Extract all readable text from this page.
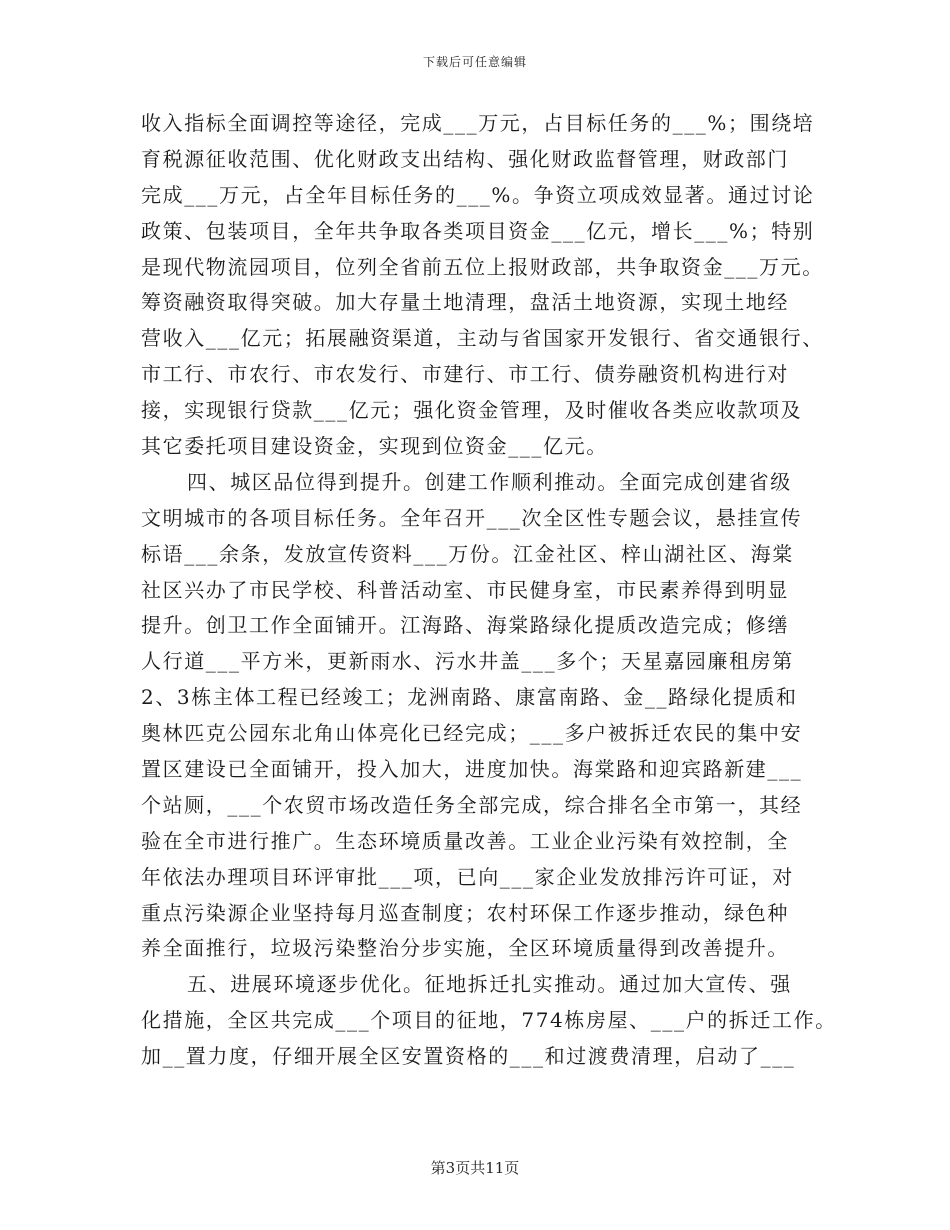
下载后可任意编辑
收入指标全面调控等途径，完成___万元，占目标任务的___%；围绕培
育税源征收范围、优化财政支出结构、强化财政监督管理，财政部门
完成___万元，占全年目标任务的___%。争资立项成效显著。通过讨论
政策、包装项目，全年共争取各类项目资金___亿元，增长___%；特别
是现代物流园项目，位列全省前五位上报财政部，共争取资金___万元。
筹资融资取得突破。加大存量土地清理，盘活土地资源，实现土地经
营收入___亿元；拓展融资渠道，主动与省国家开发银行、省交通银行、
市工行、市农行、市农发行、市建行、市工行、债券融资机构进行对
接，实现银行贷款___亿元；强化资金管理，及时催收各类应收款项及
其它委托项目建设资金，实现到位资金___亿元。
四、城区品位得到提升。创建工作顺利推动。全面完成创建省级
文明城市的各项目标任务。全年召开___次全区性专题会议，悬挂宣传
标语___余条，发放宣传资料___万份。江金社区、梓山湖社区、海棠
社区兴办了市民学校、科普活动室、市民健身室，市民素养得到明显
提升。创卫工作全面铺开。江海路、海棠路绿化提质改造完成；修缮
人行道___平方米，更新雨水、污水井盖___多个；天星嘉园廉租房第
2、3栋主体工程已经竣工；龙洲南路、康富南路、金__路绿化提质和
奥林匹克公园东北角山体亮化已经完成；___多户被拆迁农民的集中安
置区建设已全面铺开，投入加大，进度加快。海棠路和迎宾路新建___
个站厕，___个农贸市场改造任务全部完成，综合排名全市第一，其经
验在全市进行推广。生态环境质量改善。工业企业污染有效控制，全
年依法办理项目环评审批___项，已向___家企业发放排污许可证，对
重点污染源企业坚持每月巡查制度；农村环保工作逐步推动，绿色种
养全面推行，垃圾污染整治分步实施，全区环境质量得到改善提升。
五、进展环境逐步优化。征地拆迁扎实推动。通过加大宣传、强
化措施，全区共完成___个项目的征地，774栋房屋、___户的拆迁工作。
加__置力度，仔细开展全区安置资格的___和过渡费清理，启动了___
第3页共11页
